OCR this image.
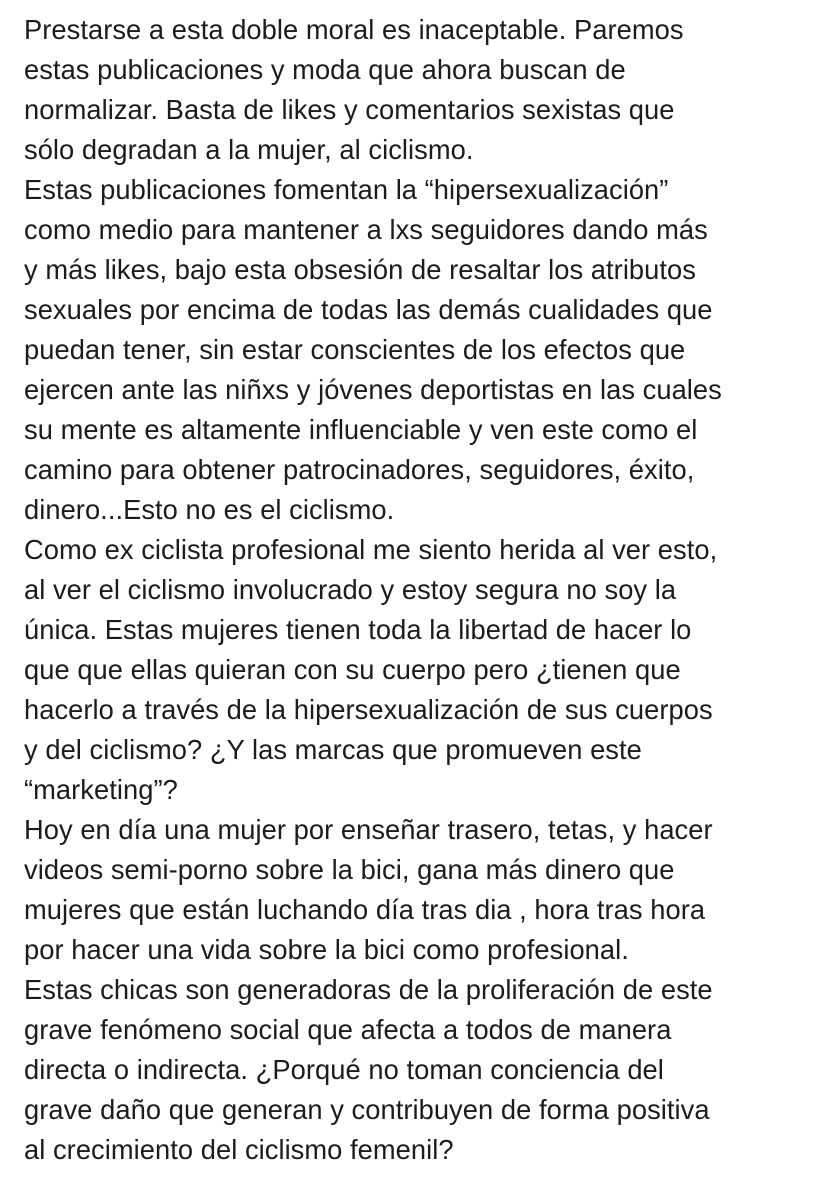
Prestarse a esta doble moral es inaceptable. Paremos
estas publicaciones y moda que ahora buscan de
normalizar. Basta de likes y comentarios sexistas que
sólo degradan a la mujer, al ciclismo.
Estas publicaciones fomentan la “hipersexualización”
como medio para mantener a lxs seguidores dando más
y más likes, bajo esta obsesión de resaltar los atributos
sexuales por encima de todas las demás cualidades que
puedan tener, sin estar conscientes de los efectos que
ejercen ante las niñxs y jóvenes deportistas en las cuales
su mente es altamente influenciable y ven este como el
camino para obtener patrocinadores, seguidores, éxito,
dinero...Esto no es el ciclismo.
Como ex ciclista profesional me siento herida al ver esto,
al ver el ciclismo involucrado y estoy segura no soy la
única. Estas mujeres tienen toda la libertad de hacer lo
que que ellas quieran con su cuerpo pero ¿tienen que
hacerlo a través de la hipersexualización de sus cuerpos
y del ciclismo? ¿Y las marcas que promueven este
“marketing”?
Hoy en día una mujer por enseñar trasero, tetas, y hacer
videos semi-porno sobre la bici, gana más dinero que
mujeres que están luchando día tras dia , hora tras hora
por hacer una vida sobre la bici como profesional.
Estas chicas son generadoras de la proliferación de este
grave fenómeno social que afecta a todos de manera
directa o indirecta. ¿Porqué no toman conciencia del
grave daño que generan y contribuyen de forma positiva
al crecimiento del ciclismo femenil?
